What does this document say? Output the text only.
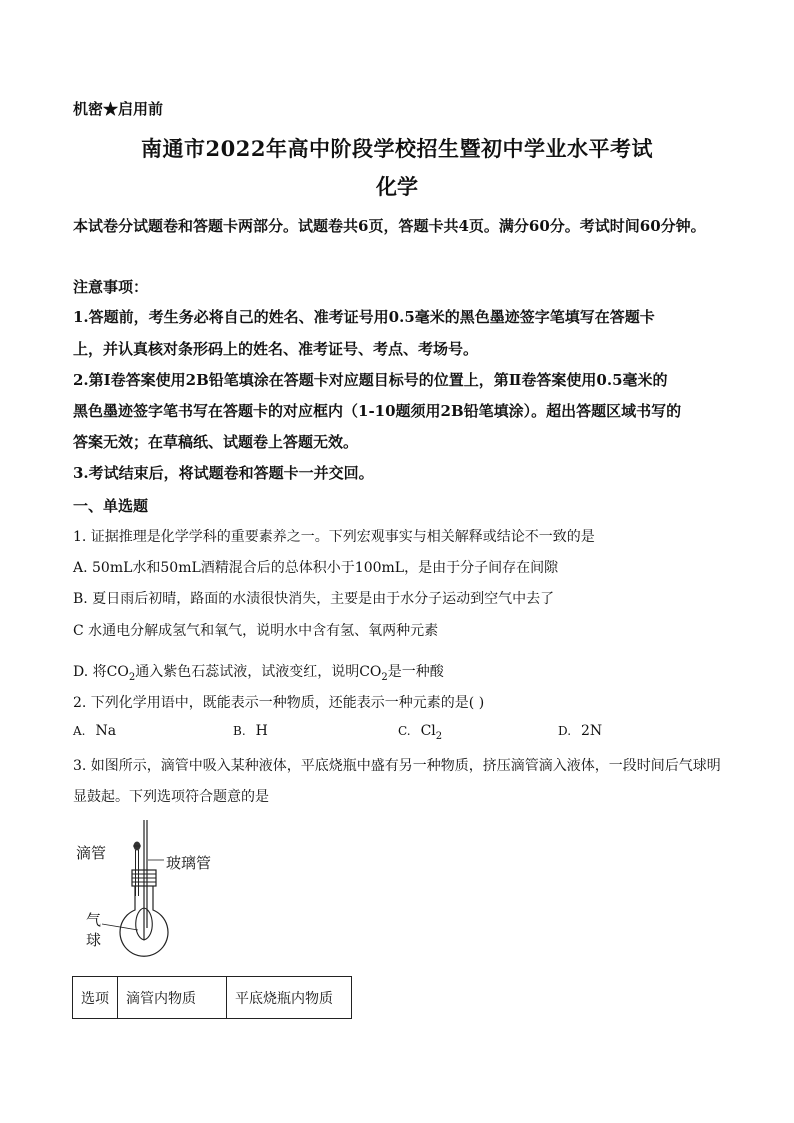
机密★启用前
南通市2022年高中阶段学校招生暨初中学业水平考试
化学
本试卷分试题卷和答题卡两部分。试题卷共6页，答题卡共4页。满分60分。考试时间60分钟。
注意事项：
1.答题前，考生务必将自己的姓名、准考证号用0.5毫米的黑色墨迹签字笔填写在答题卡
上，并认真核对条形码上的姓名、准考证号、考点、考场号。
2.第Ⅰ卷答案使用2B铅笔填涂在答题卡对应题目标号的位置上，第Ⅱ卷答案使用0.5毫米的
黑色墨迹签字笔书写在答题卡的对应框内（1-10题须用2B铅笔填涂）。超出答题区域书写的
答案无效；在草稿纸、试题卷上答题无效。
3.考试结束后，将试题卷和答题卡一并交回。
一、单选题
1. 证据推理是化学学科的重要素养之一。下列宏观事实与相关解释或结论不一致的是
A. 50mL水和50mL酒精混合后的总体积小于100mL，是由于分子间存在间隙
B. 夏日雨后初晴，路面的水渍很快消失，主要是由于水分子运动到空气中去了
C 水通电分解成氢气和氧气，说明水中含有氢、氧两种元素
D. 将$CO_2$通入紫色石蕊试液，试液变红，说明$CO_2$是一种酸
2. 下列化学用语中，既能表示一种物质，还能表示一种元素的是( )
A. Na	B. H	C. $Cl_2$	D. 2N
3. 如图所示，滴管中吸入某种液体，平底烧瓶中盛有另一种物质，挤压滴管滴入液体，一段时间后气球明
显鼓起。下列选项符合题意的是
滴管
玻璃管
气
球
选项	滴管内物质	平底烧瓶内物质
